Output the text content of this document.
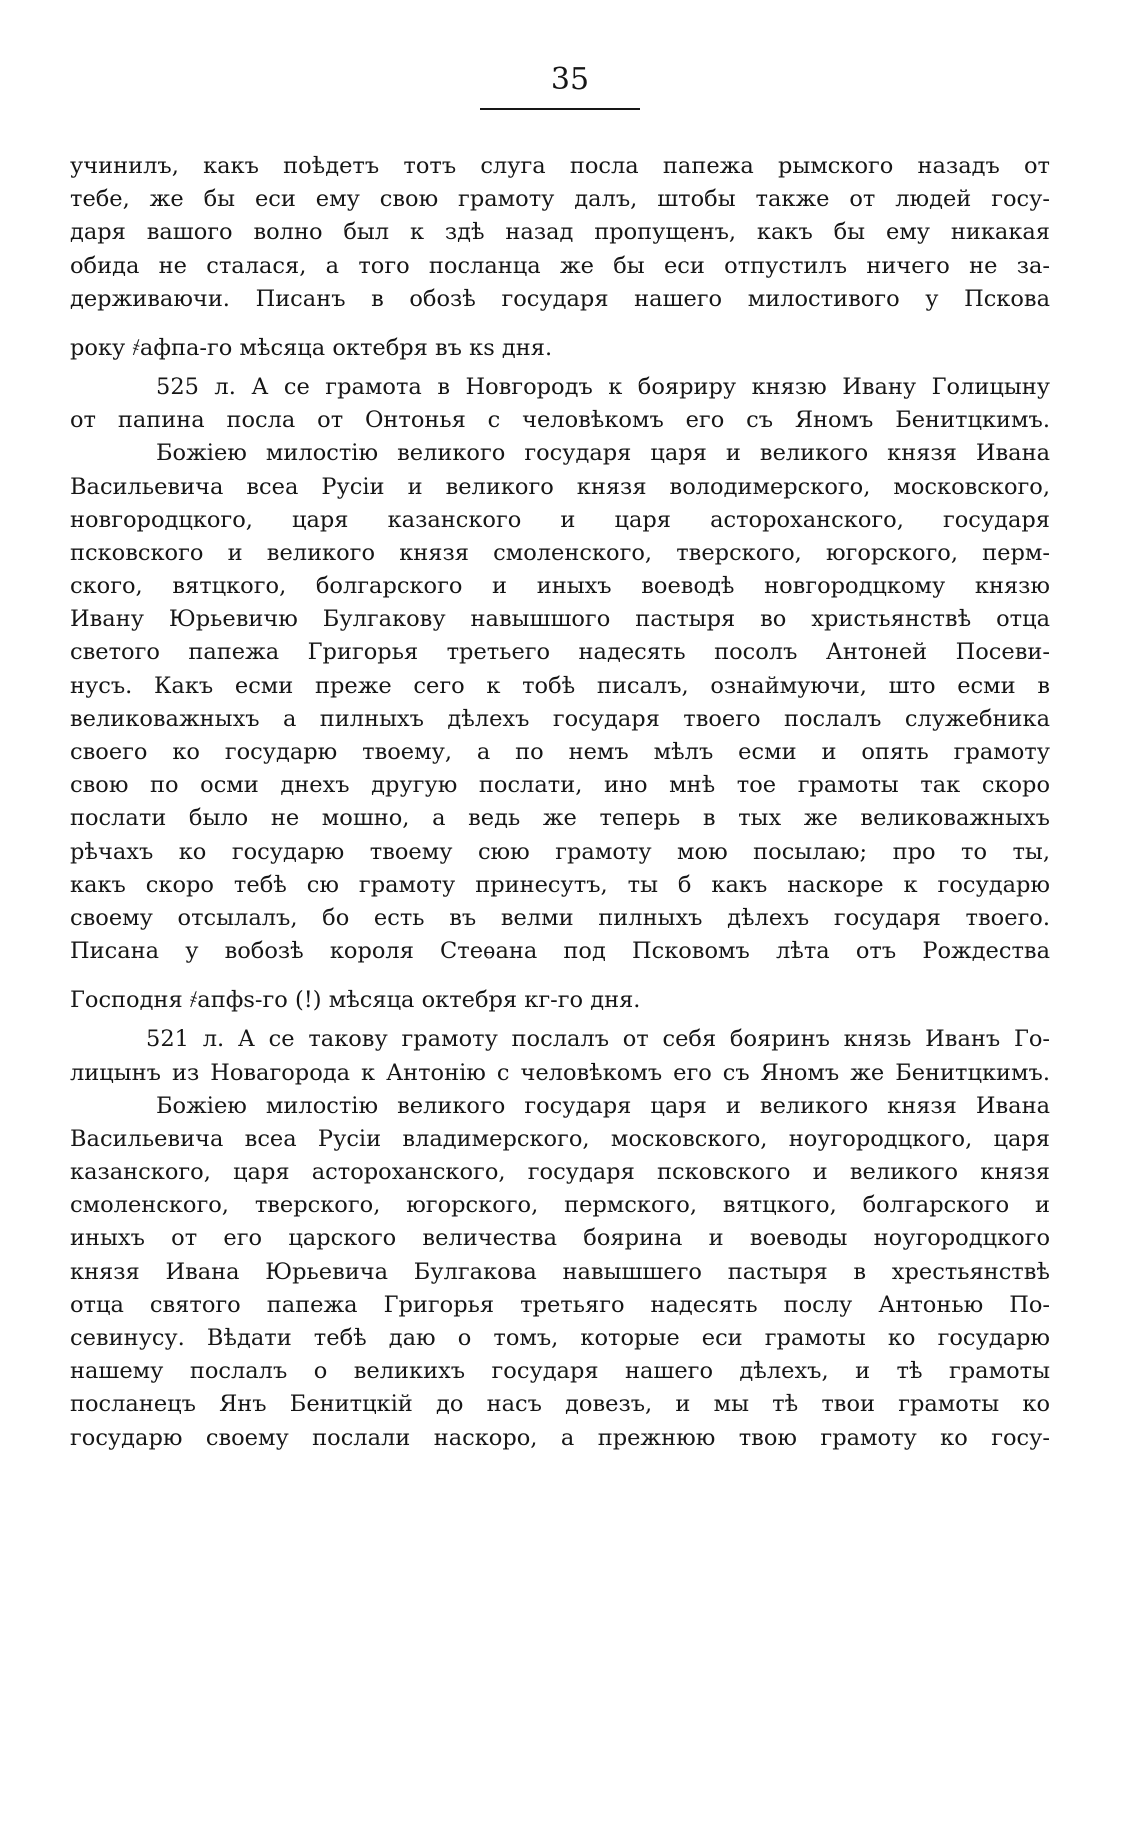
35
учинилъ, какъ поѣдетъ тотъ слуга посла папежа рымского назадъ от
тебе, же бы еси ему свою грамоту далъ, штобы также от людей госу-
даря вашого волно был к здѣ назад пропущенъ, какъ бы ему никакая
обида не сталася, а того посланца же бы еси отпустилъ ничего не за-
держиваючи. Писанъ в обозѣ государя нашего милостивого у Пскова
року ҂афпа-го мѣсяца октебря въ кѕ дня.
525 л. А се грамота в Новгородъ к бояриру князю Ивану Голицыну
от папина посла от Онтонья с человѣкомъ его съ Яномъ Бенитцкимъ.
Божiею милостiю великого государя царя и великого князя Ивана
Васильевича всеа Русiи и великого князя володимерского, московского,
новгородцкого, царя казанского и царя астороханского, государя
псковского и великого князя смоленского, тверского, югорского, перм-
ского, вятцкого, болгарского и иныхъ воеводѣ новгородцкому князю
Ивану Юрьевичю Булгакову навышшого пастыря во христьянствѣ отца
светого папежа Григорья третьего надесять посолъ Антоней Посеви-
нусъ. Какъ есми преже сего к тобѣ писалъ, ознаймуючи, што есми в
великоважныхъ а пилныхъ дѣлехъ государя твоего послалъ служебника
своего ко государю твоему, а по немъ мѣлъ есми и опять грамоту
свою по осми днехъ другую послати, ино мнѣ тое грамоты так скоро
послати было не мошно, а ведь же теперь в тых же великоважныхъ
рѣчахъ ко государю твоему сюю грамоту мою посылаю; про то ты,
какъ скоро тебѣ сю грамоту принесутъ, ты б какъ наскоре к государю
своему отсылалъ, бо есть въ велми пилныхъ дѣлехъ государя твоего.
Писана у вобозѣ короля Стеѳана под Псковомъ лѣта отъ Рождества
Господня ҂апфѕ-го (!) мѣсяца октебря кг-го дня.
521 л. А се такову грамоту послалъ от себя бояринъ князь Иванъ Го-
лицынъ из Новагорода к Антонiю с человѣкомъ его съ Яномъ же Бенитцкимъ.
Божiею милостiю великого государя царя и великого князя Ивана
Васильевича всеа Русiи владимерского, московского, ноугородцкого, царя
казанского, царя астороханского, государя псковского и великого князя
смоленского, тверского, югорского, пермского, вятцкого, болгарского и
иныхъ от его царского величества боярина и воеводы ноугородцкого
князя Ивана Юрьевича Булгакова навышшего пастыря в хрестьянствѣ
отца святого папежа Григорья третьяго надесять послу Антонью По-
севинусу. Вѣдати тебѣ даю о томъ, которые еси грамоты ко государю
нашему послалъ о великихъ государя нашего дѣлехъ, и тѣ грамоты
посланецъ Янъ Бенитцкiй до насъ довезъ, и мы тѣ твои грамоты ко
государю своему послали наскоро, а прежнюю твою грамоту ко госу-
